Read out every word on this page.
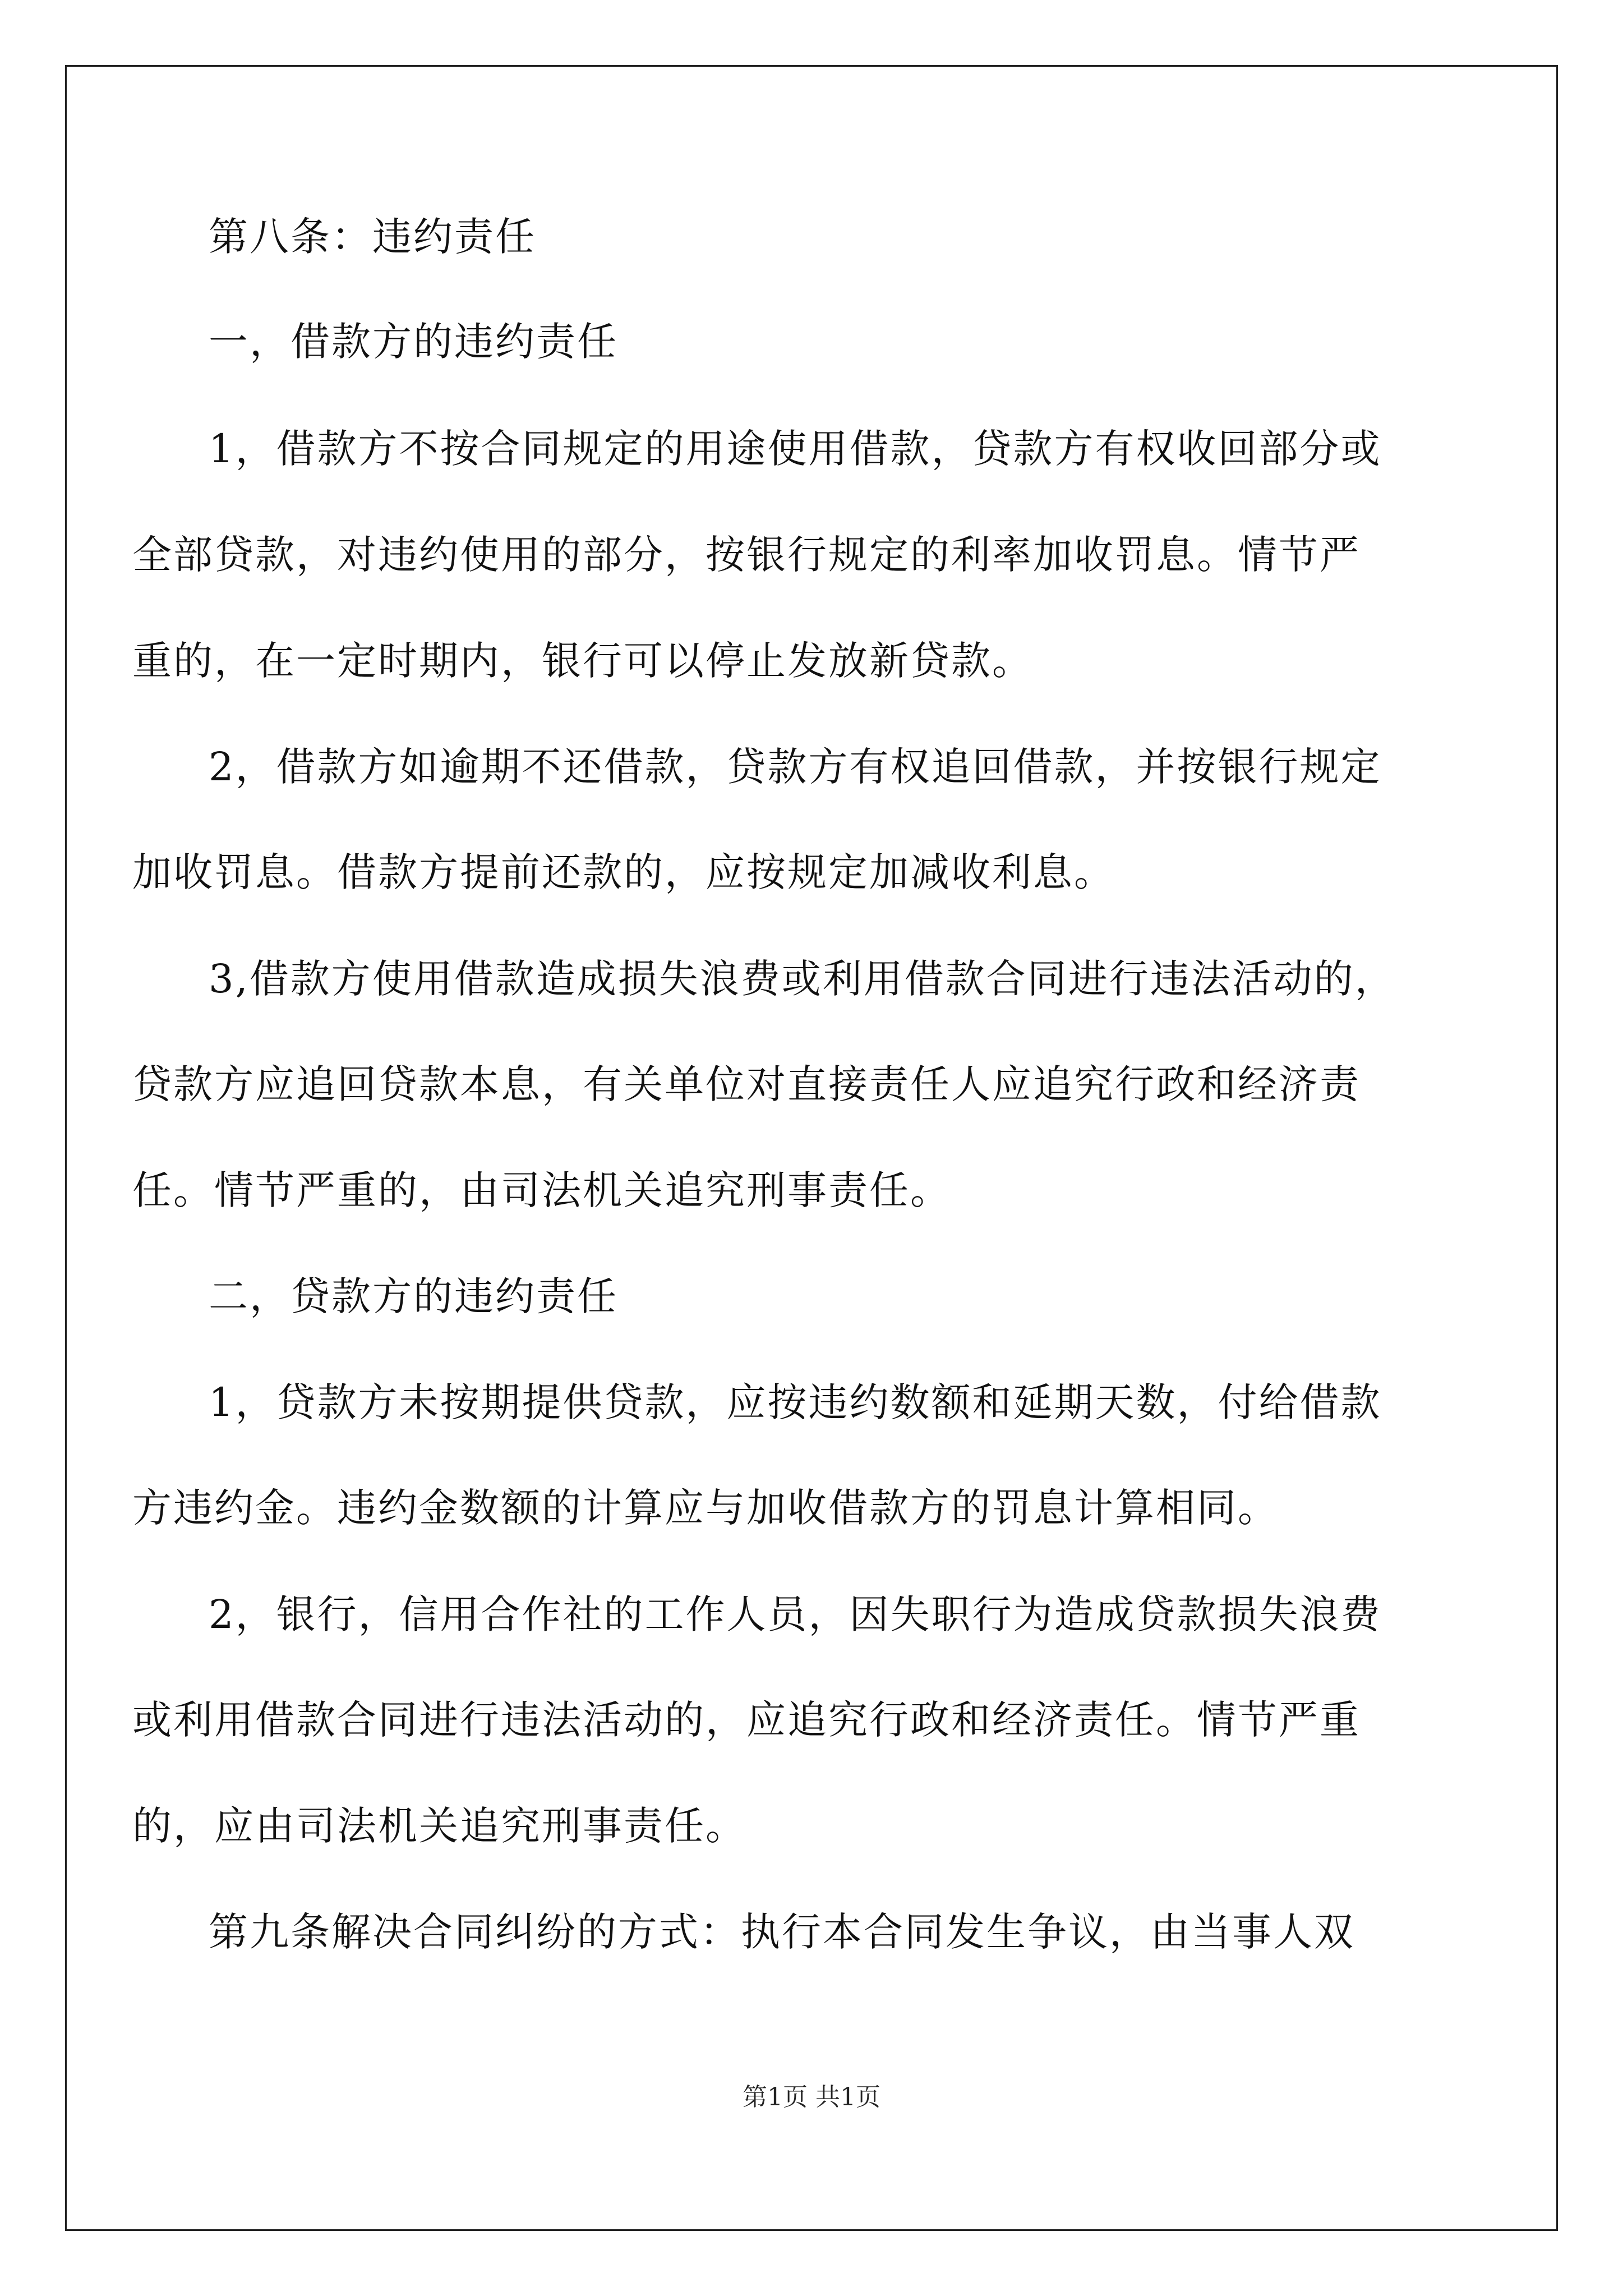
第八条：违约责任
一，借款方的违约责任
1，借款方不按合同规定的用途使用借款，贷款方有权收回部分或
全部贷款，对违约使用的部分，按银行规定的利率加收罚息。情节严
重的，在一定时期内，银行可以停止发放新贷款。
2，借款方如逾期不还借款，贷款方有权追回借款，并按银行规定
加收罚息。借款方提前还款的，应按规定加减收利息。
3,借款方使用借款造成损失浪费或利用借款合同进行违法活动的，
贷款方应追回贷款本息，有关单位对直接责任人应追究行政和经济责
任。情节严重的，由司法机关追究刑事责任。
二，贷款方的违约责任
1，贷款方未按期提供贷款，应按违约数额和延期天数，付给借款
方违约金。违约金数额的计算应与加收借款方的罚息计算相同。
2，银行，信用合作社的工作人员，因失职行为造成贷款损失浪费
或利用借款合同进行违法活动的，应追究行政和经济责任。情节严重
的，应由司法机关追究刑事责任。
第九条解决合同纠纷的方式：执行本合同发生争议，由当事人双
第1页 共1页
